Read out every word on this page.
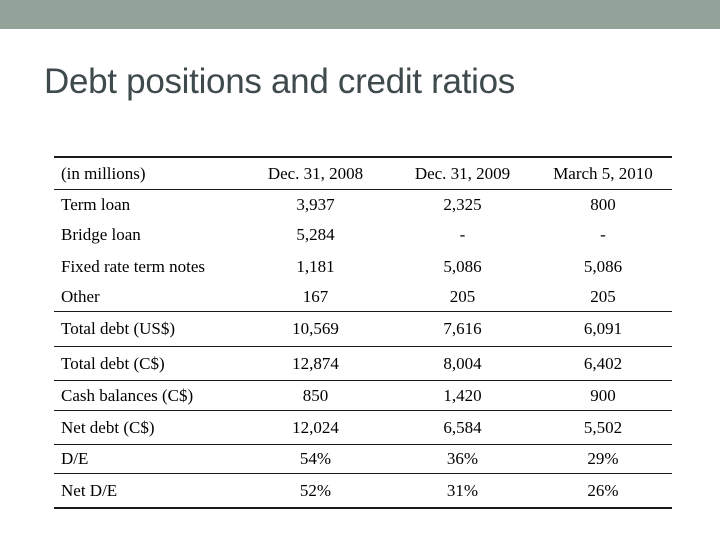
Debt positions and credit ratios
(in millions)	Dec. 31, 2008	Dec. 31, 2009	March 5, 2010
Term loan	3,937	2,325	800
Bridge loan	5,284	-	-
Fixed rate term notes	1,181	5,086	5,086
Other	167	205	205
Total debt (US$)	10,569	7,616	6,091
Total debt (C$)	12,874	8,004	6,402
Cash balances (C$)	850	1,420	900
Net debt (C$)	12,024	6,584	5,502
D/E	54%	36%	29%
Net D/E	52%	31%	26%
